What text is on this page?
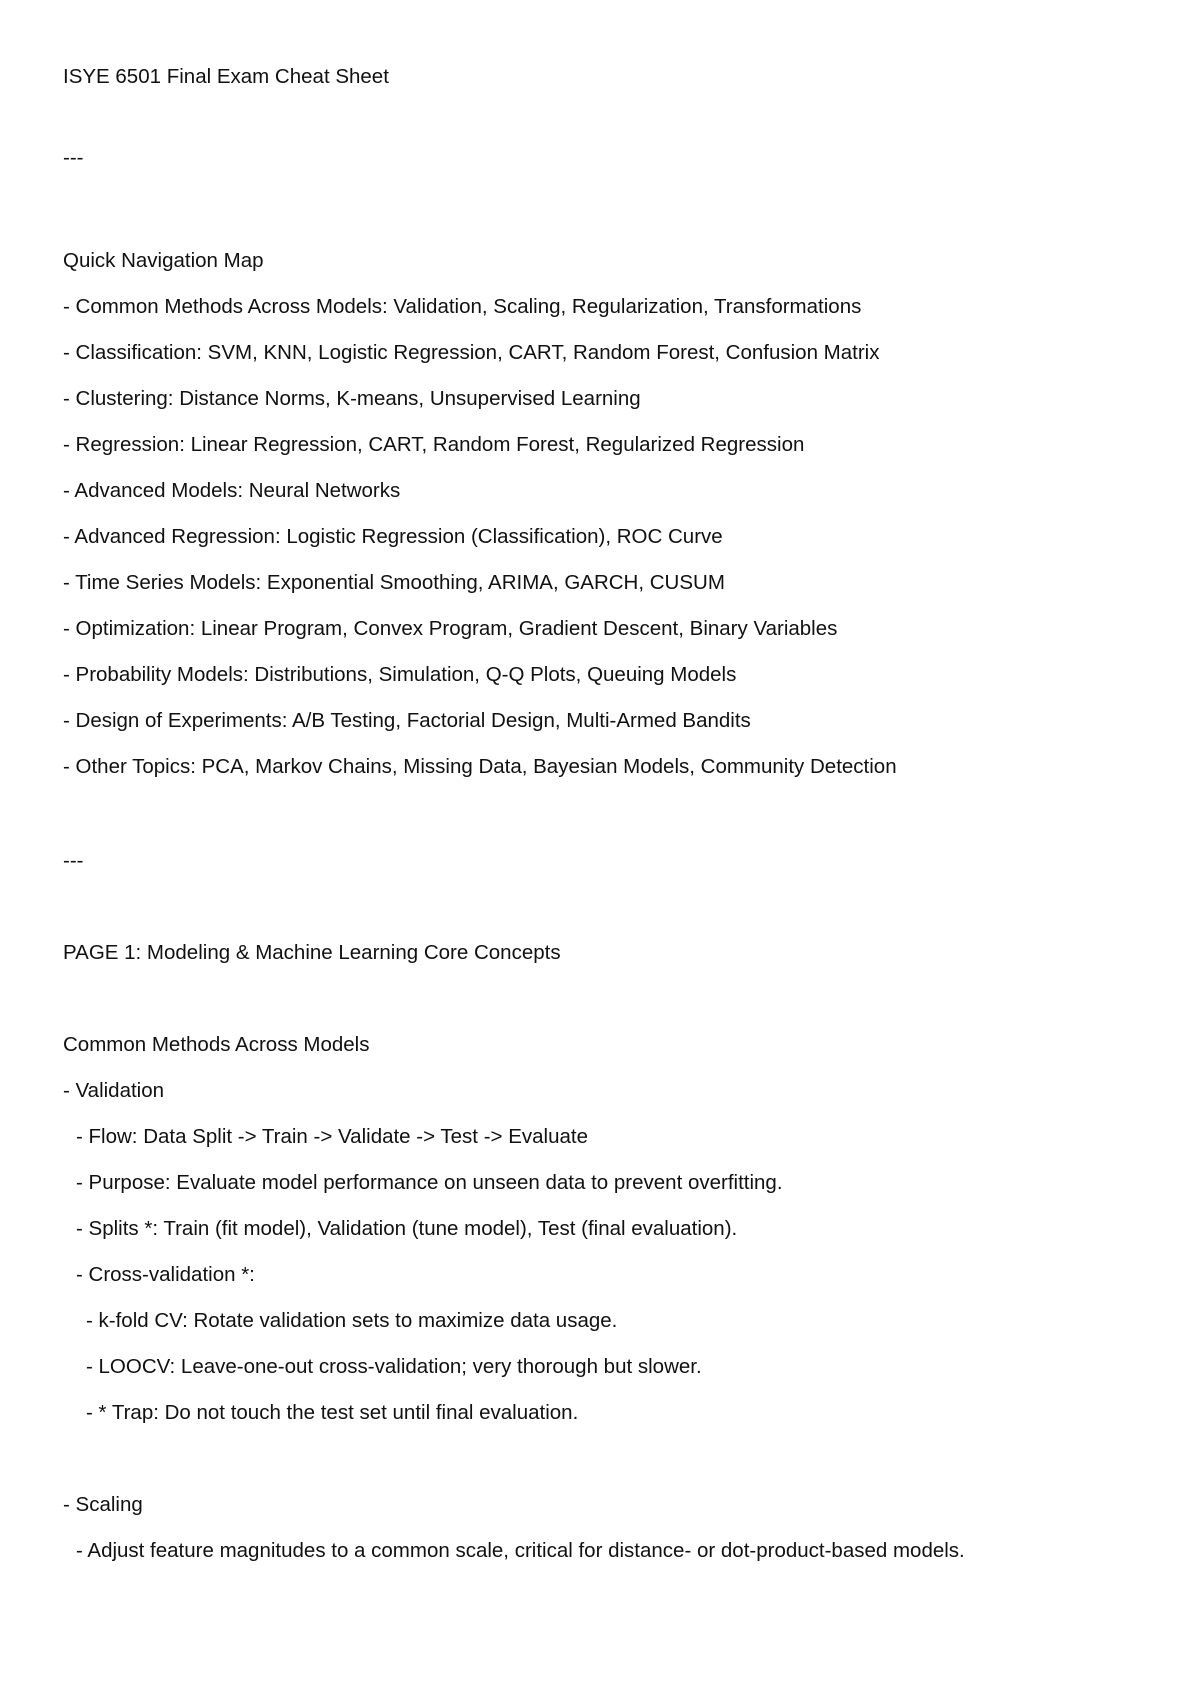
ISYE 6501 Final Exam Cheat Sheet

---

Quick Navigation Map

- Common Methods Across Models: Validation, Scaling, Regularization, Transformations

- Classification: SVM, KNN, Logistic Regression, CART, Random Forest, Confusion Matrix

- Clustering: Distance Norms, K-means, Unsupervised Learning

- Regression: Linear Regression, CART, Random Forest, Regularized Regression

- Advanced Models: Neural Networks

- Advanced Regression: Logistic Regression (Classification), ROC Curve

- Time Series Models: Exponential Smoothing, ARIMA, GARCH, CUSUM

- Optimization: Linear Program, Convex Program, Gradient Descent, Binary Variables

- Probability Models: Distributions, Simulation, Q-Q Plots, Queuing Models

- Design of Experiments: A/B Testing, Factorial Design, Multi-Armed Bandits

- Other Topics: PCA, Markov Chains, Missing Data, Bayesian Models, Community Detection

---

PAGE 1: Modeling & Machine Learning Core Concepts

Common Methods Across Models

- Validation

- Flow: Data Split -> Train -> Validate -> Test -> Evaluate

- Purpose: Evaluate model performance on unseen data to prevent overfitting.

- Splits *: Train (fit model), Validation (tune model), Test (final evaluation).

- Cross-validation *:

- k-fold CV: Rotate validation sets to maximize data usage.

- LOOCV: Leave-one-out cross-validation; very thorough but slower.

- * Trap: Do not touch the test set until final evaluation.

- Scaling

- Adjust feature magnitudes to a common scale, critical for distance- or dot-product-based models.
